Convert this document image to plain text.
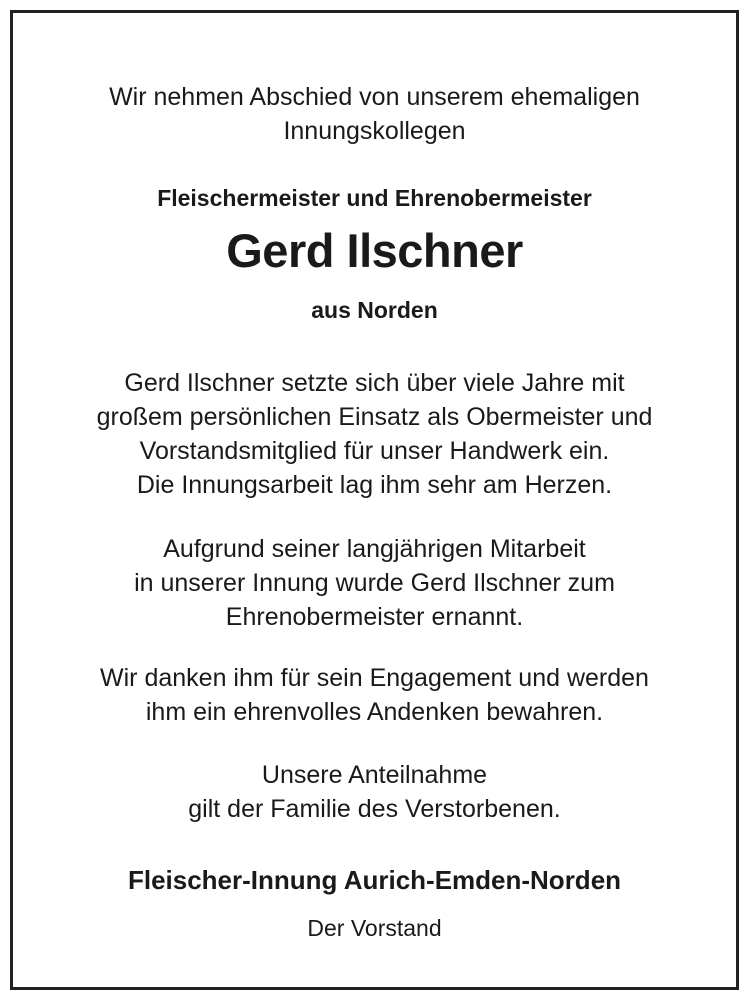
Wir nehmen Abschied von unserem ehemaligen
Innungskollegen

Fleischermeister und Ehrenobermeister

Gerd Ilschner

aus Norden

Gerd Ilschner setzte sich über viele Jahre mit
großem persönlichen Einsatz als Obermeister und
Vorstandsmitglied für unser Handwerk ein.
Die Innungsarbeit lag ihm sehr am Herzen.

Aufgrund seiner langjährigen Mitarbeit
in unserer Innung wurde Gerd Ilschner zum
Ehrenobermeister ernannt.

Wir danken ihm für sein Engagement und werden
ihm ein ehrenvolles Andenken bewahren.

Unsere Anteilnahme
gilt der Familie des Verstorbenen.

Fleischer-Innung Aurich-Emden-Norden

Der Vorstand
